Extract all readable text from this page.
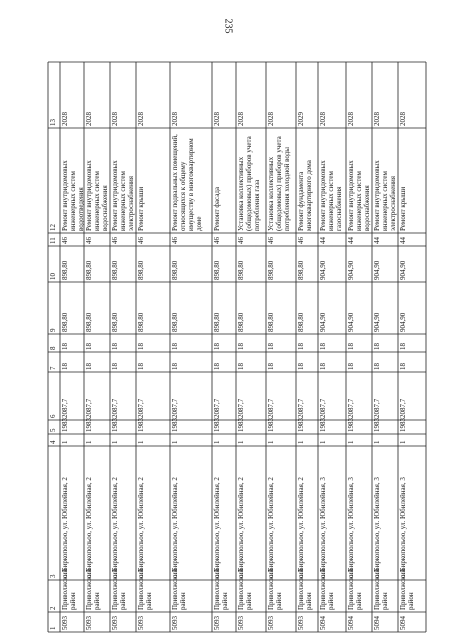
235
1
2
3
4
5
6
7
8
9
10
11
12
13
5093
Приволжский район
с. Биркопольоо, ул. Юбилейная, 2
1
1983
2087,7
18
18
898,80
898,80
46
Ремонт внутридомовых инженерных систем водоотведения
2028
5093
Приволжский район
с. Биркопольоо, ул. Юбилейная, 2
1
1983
2087,7
18
18
898,80
898,80
46
Ремонт внутридомовых инженерных систем водоснабжения
2028
5093
Приволжский район
с. Биркопольоо, ул. Юбилейная, 2
1
1983
2087,7
18
18
898,80
898,80
46
Ремонт внутридомовых инженерных систем электроснабжения
2028
5093
Приволжский район
с. Биркопольоо, ул. Юбилейная, 2
1
1983
2087,7
18
18
898,80
898,80
46
Ремонт крыши
2028
5093
Приволжский район
с. Биркопольоо, ул. Юбилейная, 2
1
1983
2087,7
18
18
898,80
898,80
46
Ремонт подвальных помещений, относящихся к общему имуществу в многоквартирном доме
2028
5093
Приволжский район
с. Биркопольоо, ул. Юбилейная, 2
1
1983
2087,7
18
18
898,80
898,80
46
Ремонт фасада
2028
5093
Приволжский район
с. Биркопольоо, ул. Юбилейная, 2
1
1983
2087,7
18
18
898,80
898,80
46
Установка коллективных (общедомовых) приборов учета потребления газа
2028
5093
Приволжский район
с. Биркопольоо, ул. Юбилейная, 2
1
1983
2087,7
18
18
898,80
898,80
46
Установка коллективных (общедомовых) приборов учета потребления холодной воды
2028
5093
Приволжский район
с. Биркопольоо, ул. Юбилейная, 2
1
1983
2087,7
18
18
898,80
898,80
46
Ремонт фундамента многоквартирного дома
2029
5094
Приволжский район
с. Биркопольоо, ул. Юбилейная, 3
1
1983
2087,7
18
18
904,90
904,90
44
Ремонт внутридомовых инженерных систем газоснабжения
2028
5094
Приволжский район
с. Биркопольоо, ул. Юбилейная, 3
1
1983
2087,7
18
18
904,90
904,90
44
Ремонт внутридомовых инженерных систем водоснабжения
2028
5094
Приволжский район
с. Биркопольоо, ул. Юбилейная, 3
1
1983
2087,7
18
18
904,90
904,90
44
Ремонт внутридомовых инженерных систем электроснабжения
2028
5094
Приволжский район
с. Биркопольоо, ул. Юбилейная, 3
1
1983
2087,7
18
18
904,90
904,90
44
Ремонт крыши
2028
